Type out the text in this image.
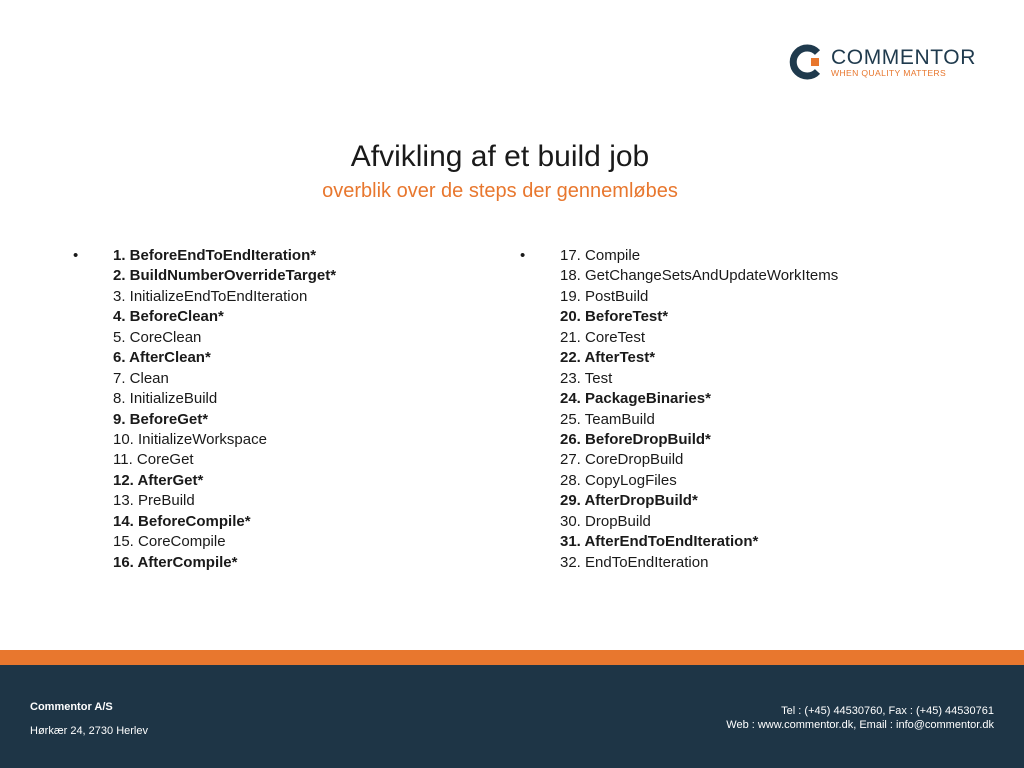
COMMENTOR
WHEN QUALITY MATTERS
Afvikling af et build job
overblik over de steps der gennemløbes
• 1. BeforeEndToEndIteration*
2. BuildNumberOverrideTarget*
3. InitializeEndToEndIteration
4. BeforeClean*
5. CoreClean
6. AfterClean*
7. Clean
8. InitializeBuild
9. BeforeGet*
10. InitializeWorkspace
11. CoreGet
12. AfterGet*
13. PreBuild
14. BeforeCompile*
15. CoreCompile
16. AfterCompile*
• 17. Compile
18. GetChangeSetsAndUpdateWorkItems
19. PostBuild
20. BeforeTest*
21. CoreTest
22. AfterTest*
23. Test
24. PackageBinaries*
25. TeamBuild
26. BeforeDropBuild*
27. CoreDropBuild
28. CopyLogFiles
29. AfterDropBuild*
30. DropBuild
31. AfterEndToEndIteration*
32. EndToEndIteration
Commentor A/S
Hørkær 24, 2730 Herlev
Tel : (+45) 44530760, Fax : (+45) 44530761
Web : www.commentor.dk, Email : info@commentor.dk
